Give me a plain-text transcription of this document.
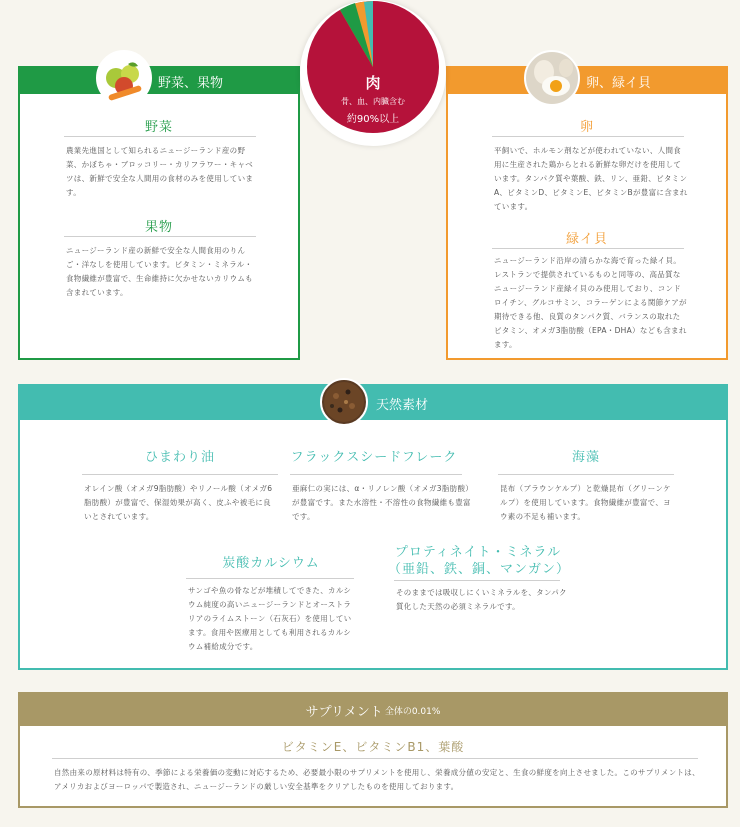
野菜、果物
野菜
農業先進国として知られるニュージーランド産の野菜、かぼちゃ・ブロッコリー・カリフラワー・キャベツは、新鮮で安全な人間用の食材のみを使用しています。
果物
ニュージーランド産の新鮮で安全な人間食用のりんご・洋なしを使用しています。ビタミン・ミネラル・食物繊維が豊富で、生命維持に欠かせないカリウムも含まれています。
卵、緑イ貝
卵
平飼いで、ホルモン剤などが使われていない、人間食用に生産された鶏からとれる新鮮な卵だけを使用しています。タンパク質や葉酸、鉄、リン、亜鉛、ビタミンA、ビタミンD、ビタミンE、ビタミンBが豊富に含まれています。
緑イ貝
ニュージーランド沿岸の清らかな海で育った緑イ貝。レストランで提供されているものと同等の、高品質なニュージーランド産緑イ貝のみ使用しており、コンドロイチン、グルコサミン、コラーゲンによる関節ケアが期待できる他、良質のタンパク質、バランスの取れたビタミン、オメガ3脂肪酸（EPA・DHA）なども含まれます。
肉
骨、血、内臓含む
約90%以上
天然素材
ひまわり油
オレイン酸（オメガ9脂肪酸）やリノール酸（オメガ6脂肪酸）が豊富で、保湿効果が高く、皮ふや被毛に良いとされています。
フラックスシードフレーク
亜麻仁の実には、α・リノレン酸（オメガ3脂肪酸）が豊富です。また水溶性・不溶性の食物繊維も豊富です。
海藻
昆布（ブラウンケルプ）と乾燥昆布（グリーンケルプ）を使用しています。食物繊維が豊富で、ヨウ素の不足も補います。
炭酸カルシウム
サンゴや魚の骨などが堆積してできた、カルシウム純度の高いニュージーランドとオーストラリアのライムストーン（石灰石）を使用しています。食用や医療用としても利用されるカルシウム補給成分です。
プロティネイト・ミネラル（亜鉛、鉄、銅、マンガン）
そのままでは吸収しにくいミネラルを、タンパク質化した天然の必須ミネラルです。
サプリメント 全体の0.01%
ビタミンE、ビタミンB1、葉酸
自然由来の原材料は特有の、季節による栄養価の変動に対応するため、必要最小限のサプリメントを使用し、栄養成分値の安定と、生食の鮮度を向上させました。このサプリメントは、アメリカおよびヨーロッパで製造され、ニュージーランドの厳しい安全基準をクリアしたものを使用しております。
